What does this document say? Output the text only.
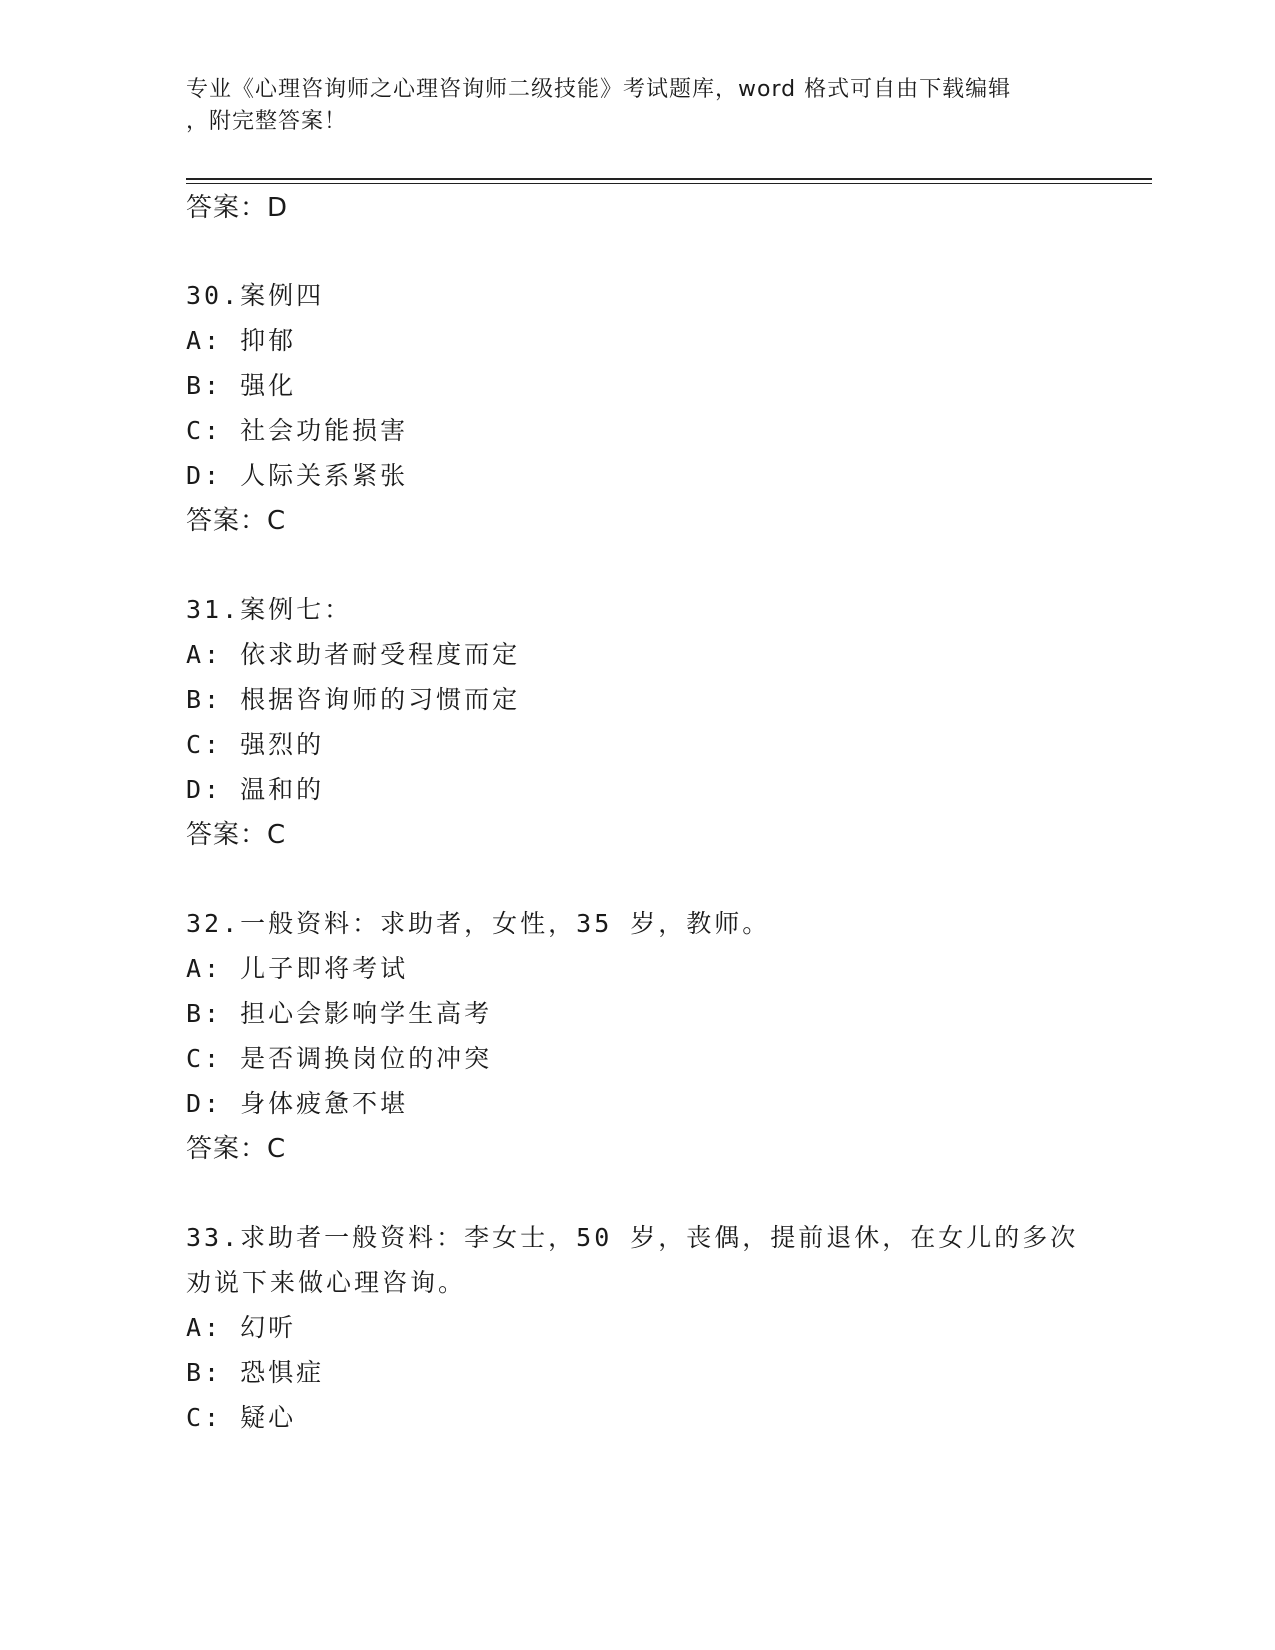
专业《心理咨询师之心理咨询师二级技能》考试题库，word 格式可自由下载编辑
，附完整答案！
答案：D
30.案例四
A: 抑郁
B: 强化
C: 社会功能损害
D: 人际关系紧张
答案：C
31.案例七：
A: 依求助者耐受程度而定
B: 根据咨询师的习惯而定
C: 强烈的
D: 温和的
答案：C
32.一般资料：求助者，女性，35 岁，教师。
A: 儿子即将考试
B: 担心会影响学生高考
C: 是否调换岗位的冲突
D: 身体疲惫不堪
答案：C
33.求助者一般资料：李女士，50 岁，丧偶，提前退休，在女儿的多次
劝说下来做心理咨询。
A: 幻听
B: 恐惧症
C: 疑心
